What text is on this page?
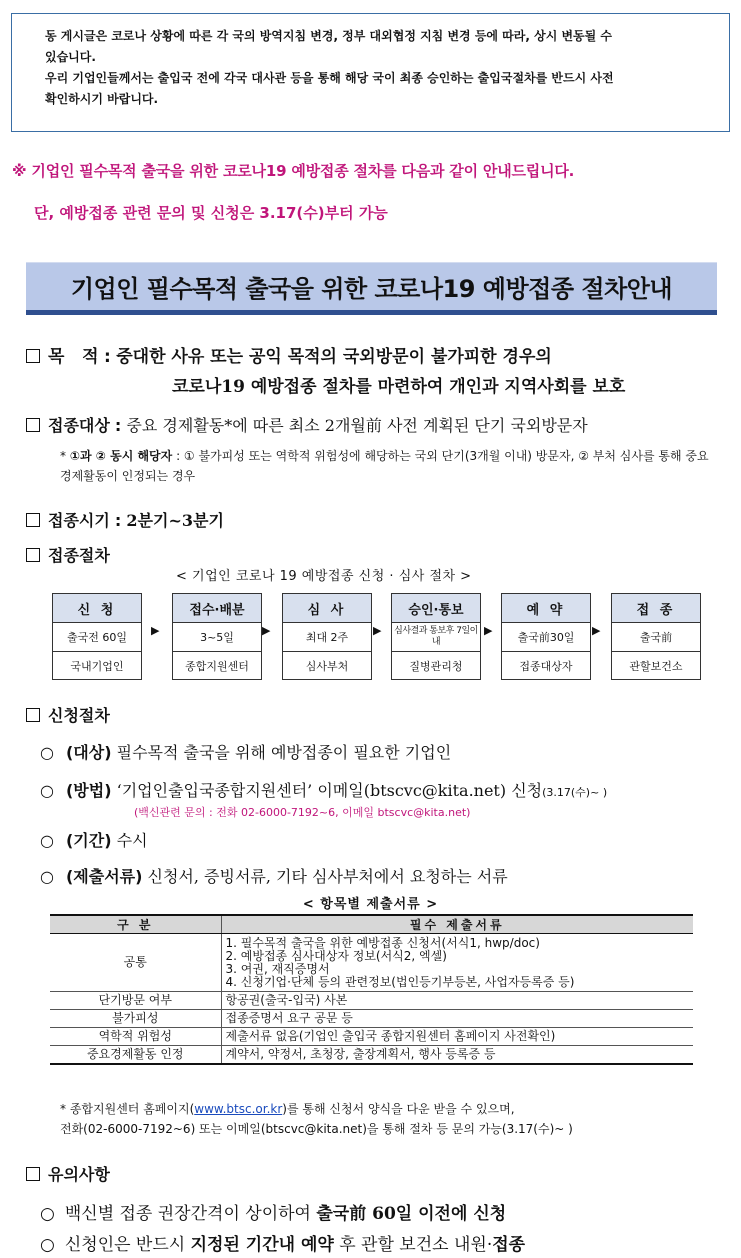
동 게시글은 코로나 상황에 따른 각 국의 방역지침 변경, 정부 대외협정 지침 변경 등에 따라, 상시 변동될 수

있습니다.

우리 기업인들께서는 출입국 전에 각국 대사관 등을 통해 해당 국이 최종 승인하는 출입국절차를 반드시 사전

확인하시기 바랍니다.

※ 기업인 필수목적 출국을 위한 코로나19 예방접종 절차를 다음과 같이 안내드립니다.
단, 예방접종 관련 문의 및 신청은 3.17(수)부터 가능
기업인 필수목적 출국을 위한 코로나19 예방접종 절차안내
목   적 : 중대한 사유 또는 공익 목적의 국외방문이 불가피한 경우의
코로나19 예방접종 절차를 마련하여 개인과 지역사회를 보호
접종대상 : 중요 경제활동*에 따른 최소 2개월前 사전 계획된 단기 국외방문자
* ①과 ② 동시 해당자 : ① 불가피성 또는 역학적 위험성에 해당하는 국외 단기(3개월 이내) 방문자, ② 부처 심사를 통해 중요 경제활동이 인정되는 경우
접종시기 : 2분기~3분기
접종절차
< 기업인 코로나 19 예방접종 신청 · 심사 절차 >
신 청
출국전 60일
국내기업인
▶
접수·배분
3~5일
종합지원센터
▶
심 사
최대 2주
심사부처
▶
승인·통보
심사결과 통보후 7일이내
질병관리청
▶
예 약
출국前30일
접종대상자
▶
접 종
출국前
관할보건소
신청절차
○ (대상) 필수목적 출국을 위해 예방접종이 필요한 기업인
○ (방법) ‘기업인출입국종합지원센터’ 이메일(btscvc@kita.net) 신청(3.17(수)~ )
(백신관련 문의 : 전화 02-6000-7192~6, 이메일 btscvc@kita.net)
○ (기간) 수시
○ (제출서류) 신청서, 증빙서류, 기타 심사부처에서 요청하는 서류
< 항목별 제출서류 >
구 분	필수 제출서류
공통	1. 필수목적 출국을 위한 예방접종 신청서(서식1, hwp/doc)
2. 예방접종 심사대상자 정보(서식2, 엑셀)
3. 여권, 재직증명서
4. 신청기업·단체 등의 관련정보(법인등기부등본, 사업자등록증 등)

단기방문 여부	항공권(출국-입국) 사본
불가피성	접종증명서 요구 공문 등
역학적 위험성	제출서류 없음(기업인 출입국 종합지원센터 홈페이지 사전확인)
중요경제활동 인정	계약서, 약정서, 초청장, 출장계획서, 행사 등록증 등
* 종합지원센터 홈페이지(www.btsc.or.kr)를 통해 신청서 양식을 다운 받을 수 있으며,
전화(02-6000-7192~6) 또는 이메일(btscvc@kita.net)을 통해 절차 등 문의 가능(3.17(수)~ )
유의사항
○ 백신별 접종 권장간격이 상이하여 출국前 60일 이전에 신청
○ 신청인은 반드시 지정된 기간내 예약 후 관할 보건소 내원·접종
